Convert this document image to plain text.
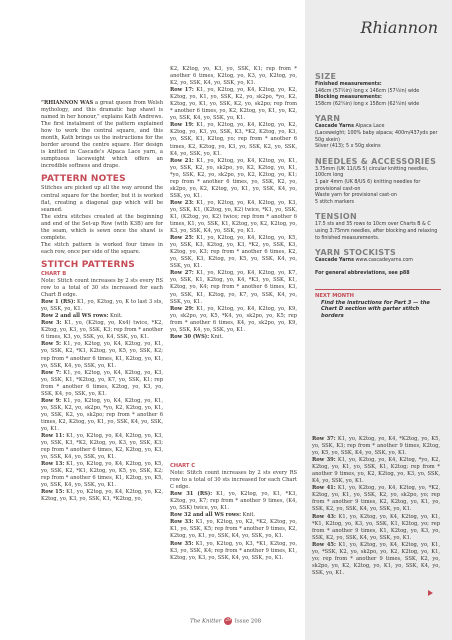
Rhiannon

“RHIANNON WAS a great queen from Welsh mythology, and this dramatic hap shawl is named in her honour,” explains Kath Andrews. The first instalment of the pattern explained how to work the central square, and this month, Kath brings us the instructions for the border around the centre square. Her design is knitted in Cascade’s Alpaca Lace yarn, a sumptuous laceweight which offers an incredible softness and drape.

PATTERN NOTES

Stitches are picked up all the way around the central square for the border, but it is worked flat, creating a diagonal gap which will be seamed.

The extra stitches created at the beginning and end of the Set-up Row (with K3B) are for the seam, which is sewn once the shawl is complete.

The stitch pattern is worked four times in each row, once per side of the square.

STITCH PATTERNS
CHART B

Note: Stitch count increases by 2 sts every RS row to a total of 30 sts increased for each Chart B edge.

Row 1 (RS): K1, yo, K2tog, yo, K to last 3 sts, yo, SSK, yo, K1.

Row 2 and all WS rows: Knit.

Row 3: K1, yo, (K2tog, yo, Kx4) twice, *K2, K2tog, yo, K3, yo, SSK, K3; rep from * another 6 times, K3, yo, SSK, yo, K4, SSK, yo, K1.

Row 5: K1, yo, K2tog, yo, K4, K2tog, yo, K1, yo, SSK, K2, *K1, K2tog, yo, K5, yo, SSK, K2; rep from * another 6 times, K1, K2tog, yo, K1, yo, SSK, K4, yo, SSK, yo, K1.

Row 7: K1, yo, K2tog, yo, K4, K2tog, yo, K3, yo, SSK, K1, *K2tog, yo, K7, yo, SSK, K1; rep from * another 6 times, K2tog, yo, K3, yo, SSK, K4, yo, SSK, yo, K1.

Row 9: K1, yo, K2tog, yo, K4, K2tog, yo, K1, yo, SSK, K2, yo, sk2po, *yo, K2, K2tog, yo, K1, yo, SSK, K2, yo, sk2po; rep from * another 6 times, K2, K2tog, yo, K1, yo, SSK, K4, yo, SSK, yo, K1.

Row 11: K1, yo, K2tog, yo, K4, K2tog, yo, K3, yo, SSK, K3, *K2, K2tog, yo, K3, yo, SSK, K3; rep from * another 6 times, K2, K2tog, yo, K3, yo, SSK, K4, yo, SSK, yo, K1.

Row 13: K1, yo, K2tog, yo, K4, K2tog, yo, K5, yo, SSK, K2, *K1, K2tog, yo, K5, yo, SSK, K2; rep from * another 6 times, K1, K2tog, yo, K5, yo, SSK, K4, yo, SSK, yo, K1.

Row 15: K1, yo, K2tog, yo, K4, K2tog, yo, K2, K2tog, yo, K3, yo, SSK, K1, *K2tog, yo,

K2, K2tog, yo, K3, yo, SSK, K1; rep from * another 6 times, K2tog, yo, K3, yo, K2tog, yo, K2, yo, SSK, K4, yo, SSK, yo, K1.

Row 17: K1, yo, K2tog, yo, K4, K2tog, yo, K2, K2tog, yo, K1, yo, SSK, K2, yo, sk2po, *yo, K2, K2tog, yo, K1, yo, SSK, K2, yo, sk2po; rep from * another 6 times, yo, K2, K2tog, yo, K1, yo, K2, yo, SSK, K4, yo, SSK, yo, K1.

Row 19: K1, yo, K2tog, yo, K4, K2tog, yo, K2, K2tog, yo, K3, yo, SSK, K3, *K2, K2tog, yo, K3, yo, SSK, K1, K2tog, yo; rep from * another 6 times, K2, K2tog, yo, K3, yo, SSK, K2, yo, SSK, K4, yo, SSK, yo, K1.

Row 21: K1, yo, K2tog, yo, K4, K2tog, yo, K1, yo, SSK, K2, yo, sk2po, yo, K2, K2tog, yo, K1, *yo, SSK, K2, yo, sk2po, yo, K2, K2tog, yo, K1; rep from * another 6 times, yo, SSK, K2, yo, sk2po, yo, K2, K2tog, yo, K1, yo, SSK, K4, yo, SSK, yo, K1.

Row 23: K1, yo, K2tog, yo, K4, K2tog, yo, K3, yo, SSK, K1, (K2tog, yo, K2) twice, *K1, yo, SSK, K1, (K2tog, yo, K2) twice; rep from * another 6 times, K1, yo, SSK, K1, K2tog, yo, K2, K2tog, yo, K3, yo, SSK, K4, yo, SSK, yo, K1.

Row 25: K1, yo, K2tog, yo, K4, K2tog, yo, K5, yo, SSK, K3, K2tog, yo, K3, *K2, yo, SSK, K3, K2tog, yo, K3; rep from * another 6 times, K2, yo, SSK, K3, K2tog, yo, K5, yo, SSK, K4, yo, SSK, yo, K1.

Row 27: K1, yo, K2tog, yo, K4, K2tog, yo, K7, yo, SSK, K1, K2tog, yo, K4, *K3, yo, SSK, K1, K2tog, yo, K4; rep from * another 6 times, K3, yo, SSK, K1, K2tog, yo, K7, yo, SSK, K4, yo, SSK, yo, K1.

Row 29: K1, yo, K2tog, yo, K4, K2tog, yo, K9, yo, sk2po, yo, K5, *K4, yo, sk2po, yo, K5; rep from * another 6 times, K4, yo, sk2po, yo, K9, yo, SSK, K4, yo, SSK, yo, K1.

Row 30 (WS): Knit.

CHART C

Note: Stitch count increases by 2 sts every RS row to a total of 30 sts increased for each Chart C edge.

Row 31 (RS): K1, yo, K2tog, yo, K1, *K3, K2tog, yo, K7; rep from * another 9 times, (K4, yo, SSK) twice, yo, K1.

Row 32 and all WS rows: Knit.

Row 33: K1, yo, K2tog, yo, K2, *K2, K2tog, yo, K1, yo, SSK, K5; rep from * another 9 times, K2, K2tog, yo, K1, yo, SSK, K4, yo, SSK, yo, K1.

Row 35: K1, yo, K2tog, yo, K3, *K1, K2tog, yo, K3, yo, SSK, K4; rep from * another 9 times, K1, K2tog, yo, K3, yo, SSK, K4, yo, SSK, yo, K1.

Row 37: K1, yo, K2tog, yo, K4, *K2tog, yo, K5, yo, SSK, K3; rep from * another 9 times, K2tog, yo, K5, yo, SSK, K4, yo, SSK, yo, K1.

Row 39: K1, yo, K2tog, yo, K4, K2tog, *yo, K2, K2tog, yo, K1, yo, SSK, K1, K2tog; rep from * another 9 times, yo, K2, K2tog, yo, K3, yo, SSK, K4, yo, SSK, yo, K1.

Row 41: K1, yo, K2tog, yo, K4, K2tog, yo, *K2, K2tog, yo, K1, yo, SSK, K2, yo, sk2po, yo; rep from * another 9 times, K2, K2tog, yo, K1, yo, SSK, K2, yo, SSK, K4, yo, SSK, yo, K1.

Row 43: K1, yo, K2tog, yo, K4, K2tog, yo, K1, *K1, K2tog, yo, K3, yo, SSK, K1, K2tog, yo; rep from * another 9 times, K1, K2tog, yo, K3, yo, SSK, K2, yo, SSK, K4, yo, SSK, yo, K1.

Row 45: K1, yo, K2tog, yo, K4, K2tog, yo, K1, yo, *SSK, K2, yo, sk2po, yo, K2, K2tog, yo, K1, yo; rep from * another 9 times, SSK, K2, yo, sk2po, yo, K2, K2tog, yo, K1, yo, SSK, K4, yo, SSK, yo, K1.

SIZE

Finished measurements:

146cm (57½in) long x 146cm (57½in) wide

Blocking measurements:

158cm (62¼in) long x 158cm (62¼in) wide

YARN

Cascade Yarns Alpaca Lace

(Laceweight; 100% baby alpaca; 400m/437yds per 50g skein)

Silver (413); 5 x 50g skeins

NEEDLES & ACCESSORIES

3.75mm (UK 11/US 5) circular knitting needles, 100cm long

1 pair 4mm (UK 8/US 6) knitting needles for provisional cast-on

Waste yarn for provisional cast-on

5 stitch markers

TENSION

17.5 sts and 35 rows to 10cm over Charts B & C using 3.75mm needles, after blocking and relaxing to finished measurements.

YARN STOCKISTS

Cascade Yarns www.cascadeyarns.com

For general abbreviations, see p88

NEXT MONTH
Find the instructions for Part 3 — the Chart D section with garter stitch borders
The Knitter 29 Issue 208
